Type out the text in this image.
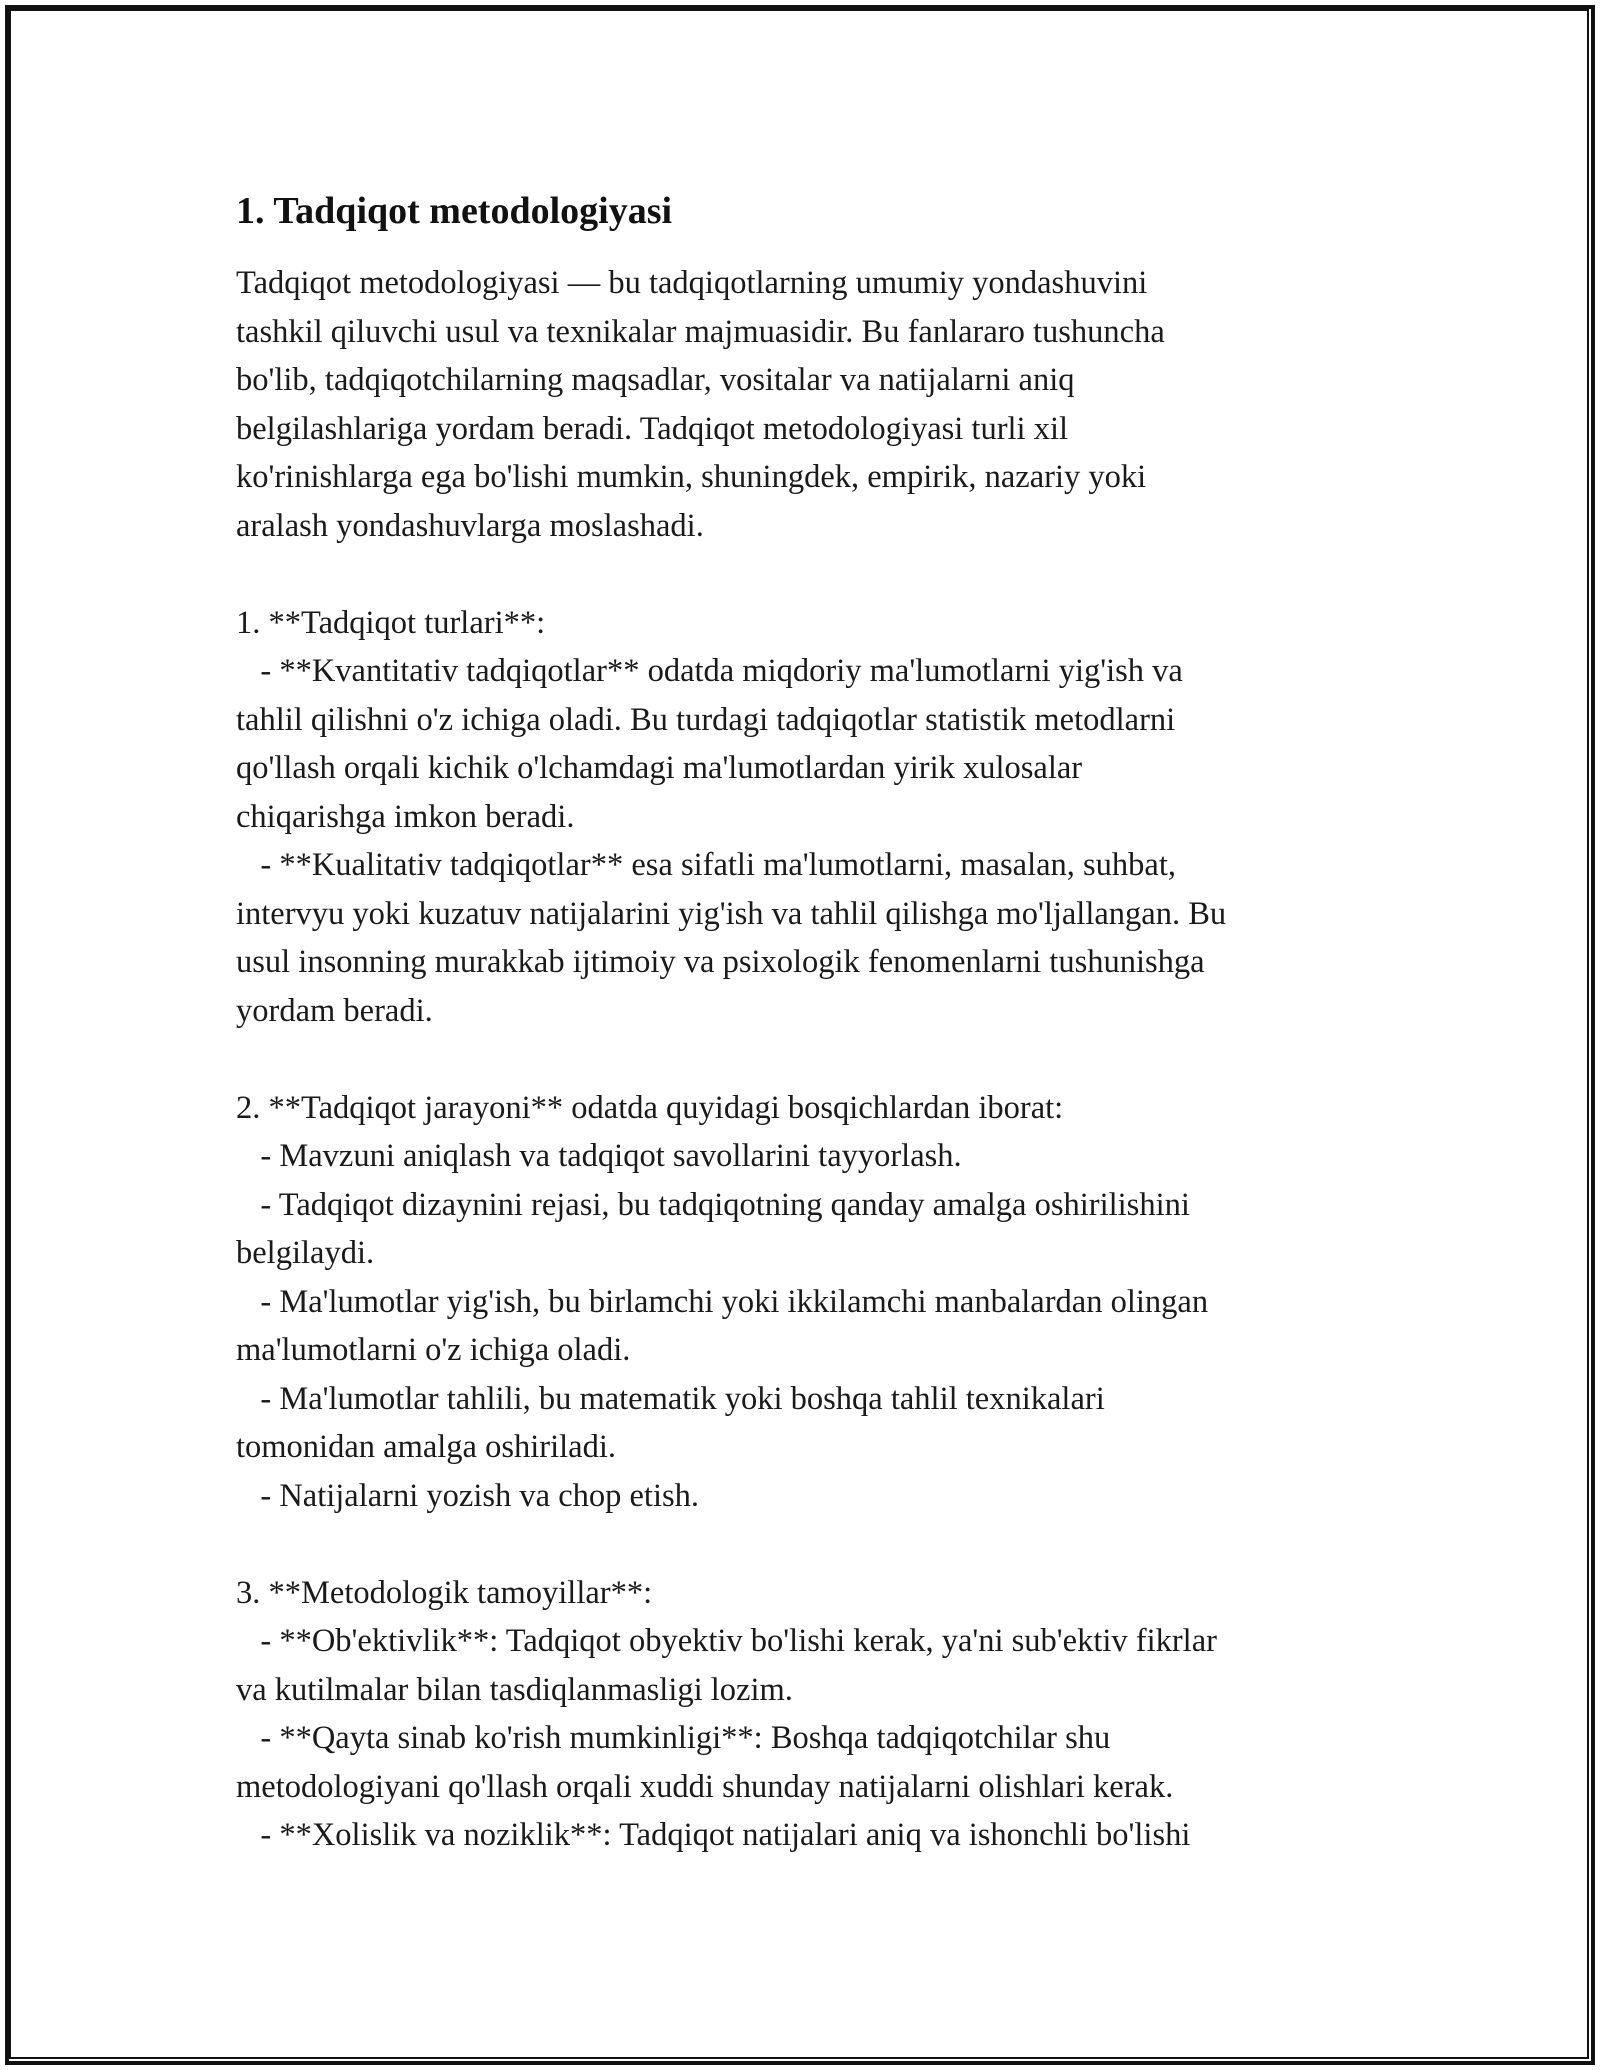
1. Tadqiqot metodologiyasi

Tadqiqot metodologiyasi — bu tadqiqotlarning umumiy yondashuvini
tashkil qiluvchi usul va texnikalar majmuasidir. Bu fanlararo tushuncha
bo'lib, tadqiqotchilarning maqsadlar, vositalar va natijalarni aniq
belgilashlariga yordam beradi. Tadqiqot metodologiyasi turli xil
ko'rinishlarga ega bo'lishi mumkin, shuningdek, empirik, nazariy yoki
aralash yondashuvlarga moslashadi.

1. **Tadqiqot turlari**:
- **Kvantitativ tadqiqotlar** odatda miqdoriy ma'lumotlarni yig'ish va
tahlil qilishni o'z ichiga oladi. Bu turdagi tadqiqotlar statistik metodlarni
qo'llash orqali kichik o'lchamdagi ma'lumotlardan yirik xulosalar
chiqarishga imkon beradi.
- **Kualitativ tadqiqotlar** esa sifatli ma'lumotlarni, masalan, suhbat,
intervyu yoki kuzatuv natijalarini yig'ish va tahlil qilishga mo'ljallangan. Bu
usul insonning murakkab ijtimoiy va psixologik fenomenlarni tushunishga
yordam beradi.

2. **Tadqiqot jarayoni** odatda quyidagi bosqichlardan iborat:
- Mavzuni aniqlash va tadqiqot savollarini tayyorlash.
- Tadqiqot dizaynini rejasi, bu tadqiqotning qanday amalga oshirilishini
belgilaydi.
- Ma'lumotlar yig'ish, bu birlamchi yoki ikkilamchi manbalardan olingan
ma'lumotlarni o'z ichiga oladi.
- Ma'lumotlar tahlili, bu matematik yoki boshqa tahlil texnikalari
tomonidan amalga oshiriladi.
- Natijalarni yozish va chop etish.

3. **Metodologik tamoyillar**:
- **Ob'ektivlik**: Tadqiqot obyektiv bo'lishi kerak, ya'ni sub'ektiv fikrlar
va kutilmalar bilan tasdiqlanmasligi lozim.
- **Qayta sinab ko'rish mumkinligi**: Boshqa tadqiqotchilar shu
metodologiyani qo'llash orqali xuddi shunday natijalarni olishlari kerak.
- **Xolislik va noziklik**: Tadqiqot natijalari aniq va ishonchli bo'lishi
